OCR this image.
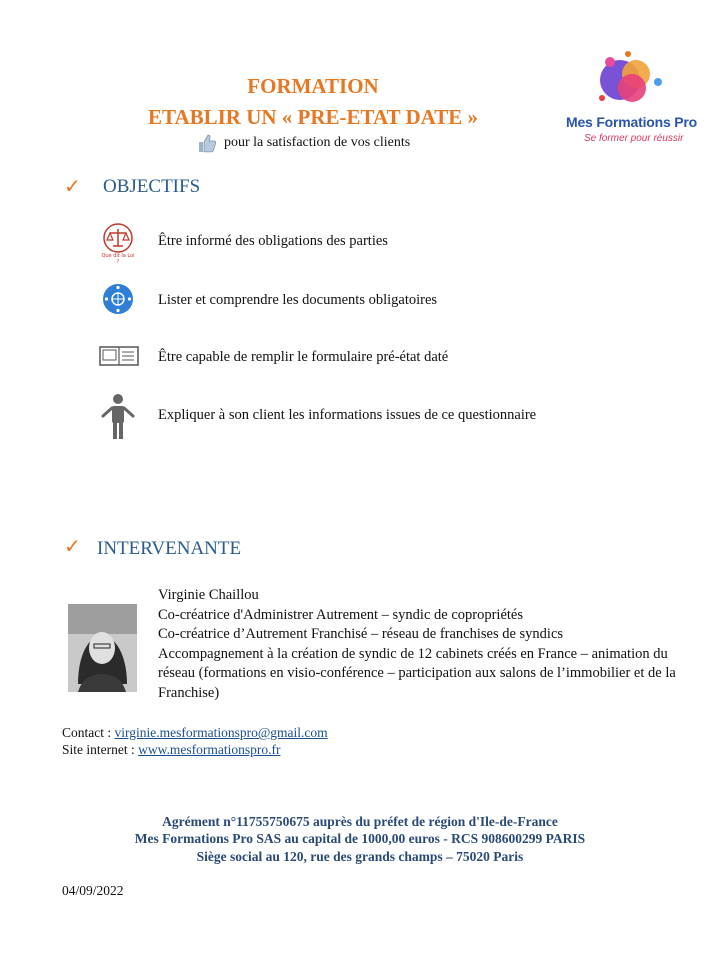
FORMATION
ETABLIR UN « PRE-ETAT DATE »
pour la satisfaction de vos clients
Mes Formations Pro
Se former pour réussir
✓ OBJECTIFS
Que dit la Loi ?
Être informé des obligations des parties
Lister et comprendre les documents obligatoires
Être capable de remplir le formulaire pré-état daté
Expliquer à son client les informations issues de ce questionnaire
✓ INTERVENANTE
Virginie Chaillou
Co-créatrice d'Administrer Autrement – syndic de copropriétés
Co-créatrice d’Autrement Franchisé – réseau de franchises de syndics
Accompagnement à la création de syndic de 12 cabinets créés en France – animation du réseau (formations en visio-conférence – participation aux salons de l’immobilier et de la Franchise)
Contact : virginie.mesformationspro@gmail.com
Site internet : www.mesformationspro.fr
Agrément n°11755750675 auprès du préfet de région d'Ile-de-France
Mes Formations Pro SAS au capital de 1000,00 euros - RCS 908600299 PARIS
Siège social au 120, rue des grands champs – 75020 Paris
04/09/2022
